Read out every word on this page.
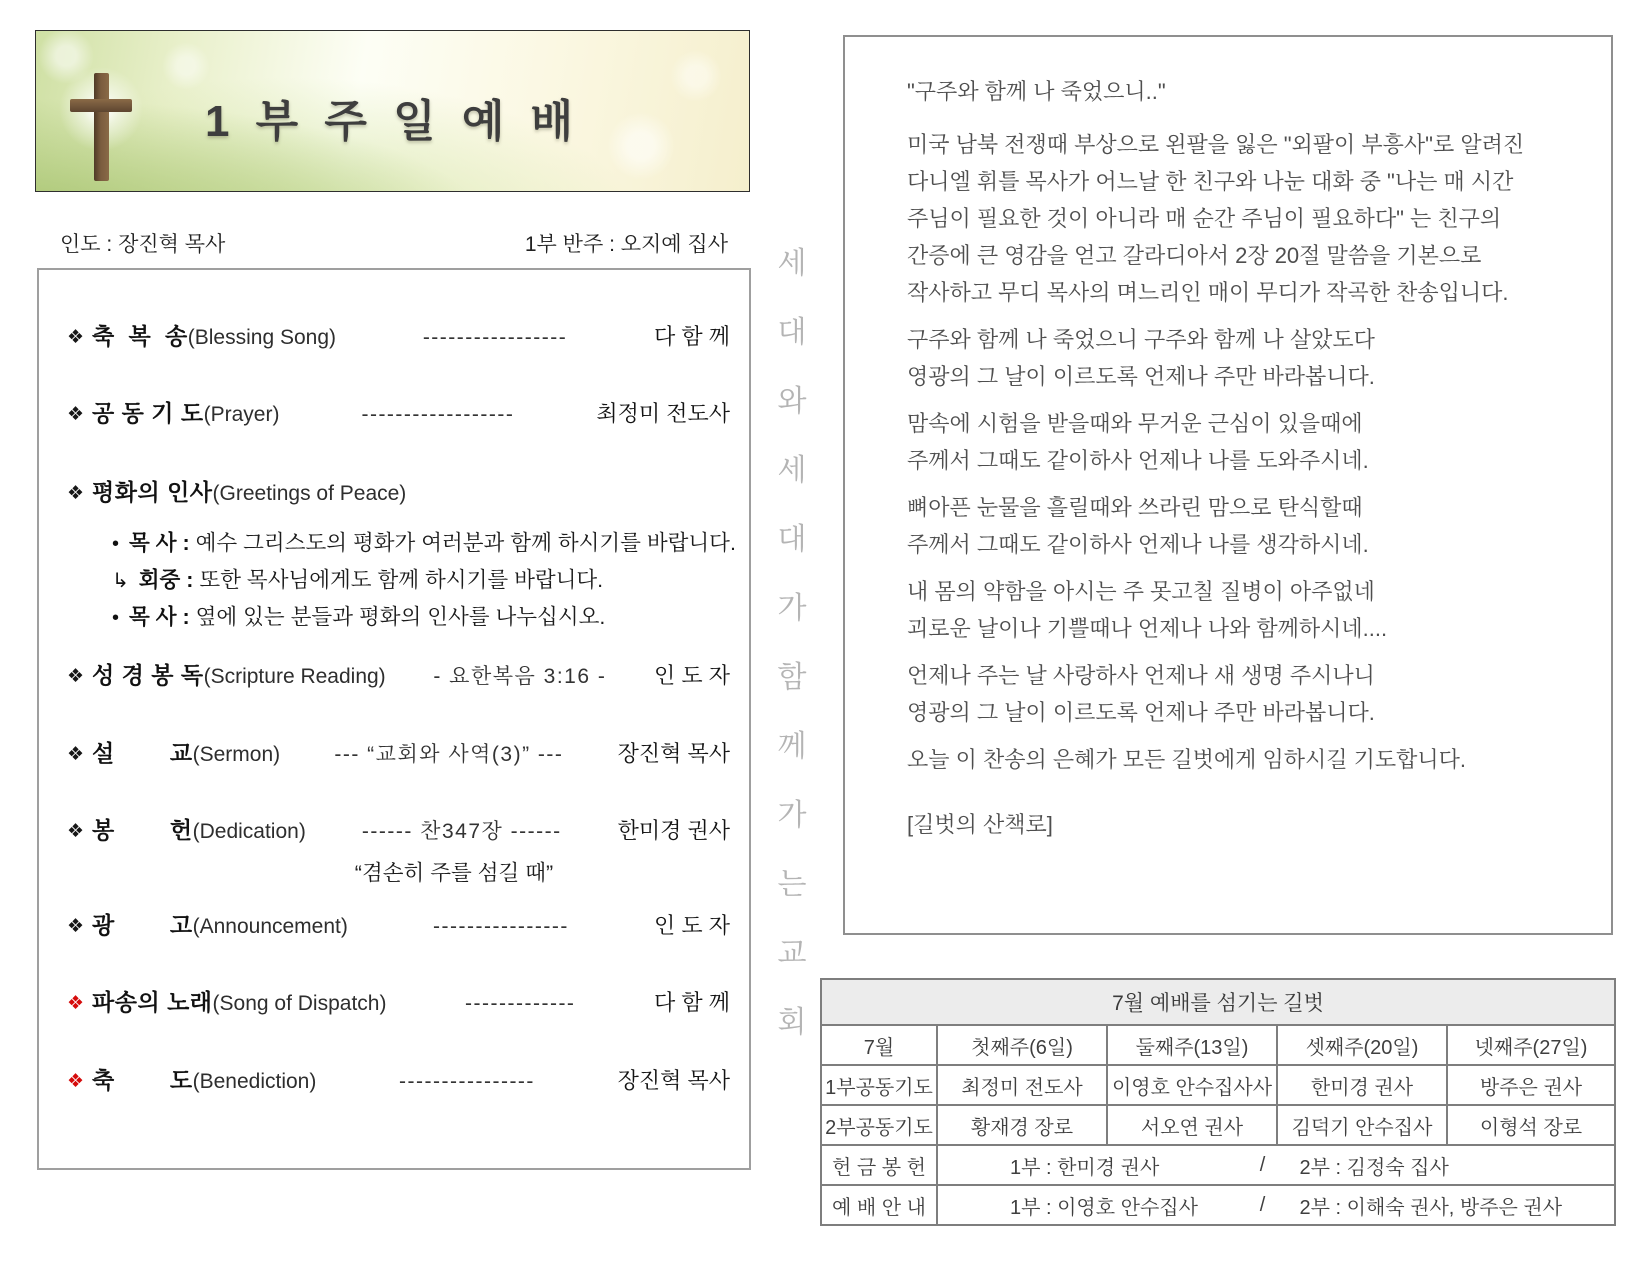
1 부 주 일 예 배
인도 : 장진혁 목사	1부 반주 : 오지예 집사
❖ 축  복  송 (Blessing Song)	-----------------	다 함 께
❖ 공 동 기 도 (Prayer)	------------------	최정미 전도사
❖ 평화의 인사 (Greetings of Peace)
• 목 사 : 예수 그리스도의 평화가 여러분과 함께 하시기를 바랍니다.
↳ 회중 : 또한 목사님에게도 함께 하시기를 바랍니다.
• 목 사 : 옆에 있는 분들과 평화의 인사를 나누십시오.
❖ 성 경 봉 독 (Scripture Reading)	- 요한복음 3:16 -	인 도 자
❖ 설        교 (Sermon)	--- “교회와 사역(3)” ---	장진혁 목사
❖ 봉        헌 (Dedication)	------ 찬347장 ------	한미경 권사
“겸손히 주를 섬길 때”
❖ 광        고 (Announcement)	----------------	인 도 자
❖ 파송의 노래 (Song of Dispatch)	-------------	다 함 께
❖ 축        도 (Benediction)	----------------	장진혁 목사
세
대
와
세
대
가
함
께
가
는
교
회

"구주와 함께 나 죽었으니.."

미국 남북 전쟁때 부상으로 왼팔을 잃은 "외팔이 부흥사"로 알려진
다니엘 휘틀 목사가 어느날 한 친구와 나눈 대화 중 "나는 매 시간
주님이 필요한 것이 아니라 매 순간 주님이 필요하다" 는 친구의
간증에 큰 영감을 얻고 갈라디아서 2장 20절 말씀을 기본으로
작사하고 무디 목사의 며느리인 매이 무디가 작곡한 찬송입니다.

구주와 함께 나 죽었으니 구주와 함께 나 살았도다
영광의 그 날이 이르도록 언제나 주만 바라봅니다.

맘속에 시험을 받을때와 무거운 근심이 있을때에
주께서 그때도 같이하사 언제나 나를 도와주시네.

뼈아픈 눈물을 흘릴때와 쓰라린 맘으로 탄식할때
주께서 그때도 같이하사 언제나 나를 생각하시네.

내 몸의 약함을 아시는 주 못고칠 질병이 아주없네
괴로운 날이나 기쁠때나 언제나 나와 함께하시네....

언제나 주는 날 사랑하사 언제나 새 생명 주시나니
영광의 그 날이 이르도록 언제나 주만 바라봅니다.

오늘 이 찬송의 은혜가 모든 길벗에게 임하시길 기도합니다.

[길벗의 산책로]

7월 예배를 섬기는 길벗				
7월	첫째주(6일)	둘째주(13일)	셋째주(20일)	넷째주(27일)
1부공동기도	최정미 전도사	이영호 안수집사사	한미경 권사	방주은 권사
2부공동기도	황재경 장로	서오연 권사	김덕기 안수집사	이형석 장로
헌 금 봉 헌	1부 : 한미경 권사 / 2부 : 김정숙 집사			

예 배 안 내	1부 : 이영호 안수집사 / 2부 : 이해숙 권사, 방주은 권사			
